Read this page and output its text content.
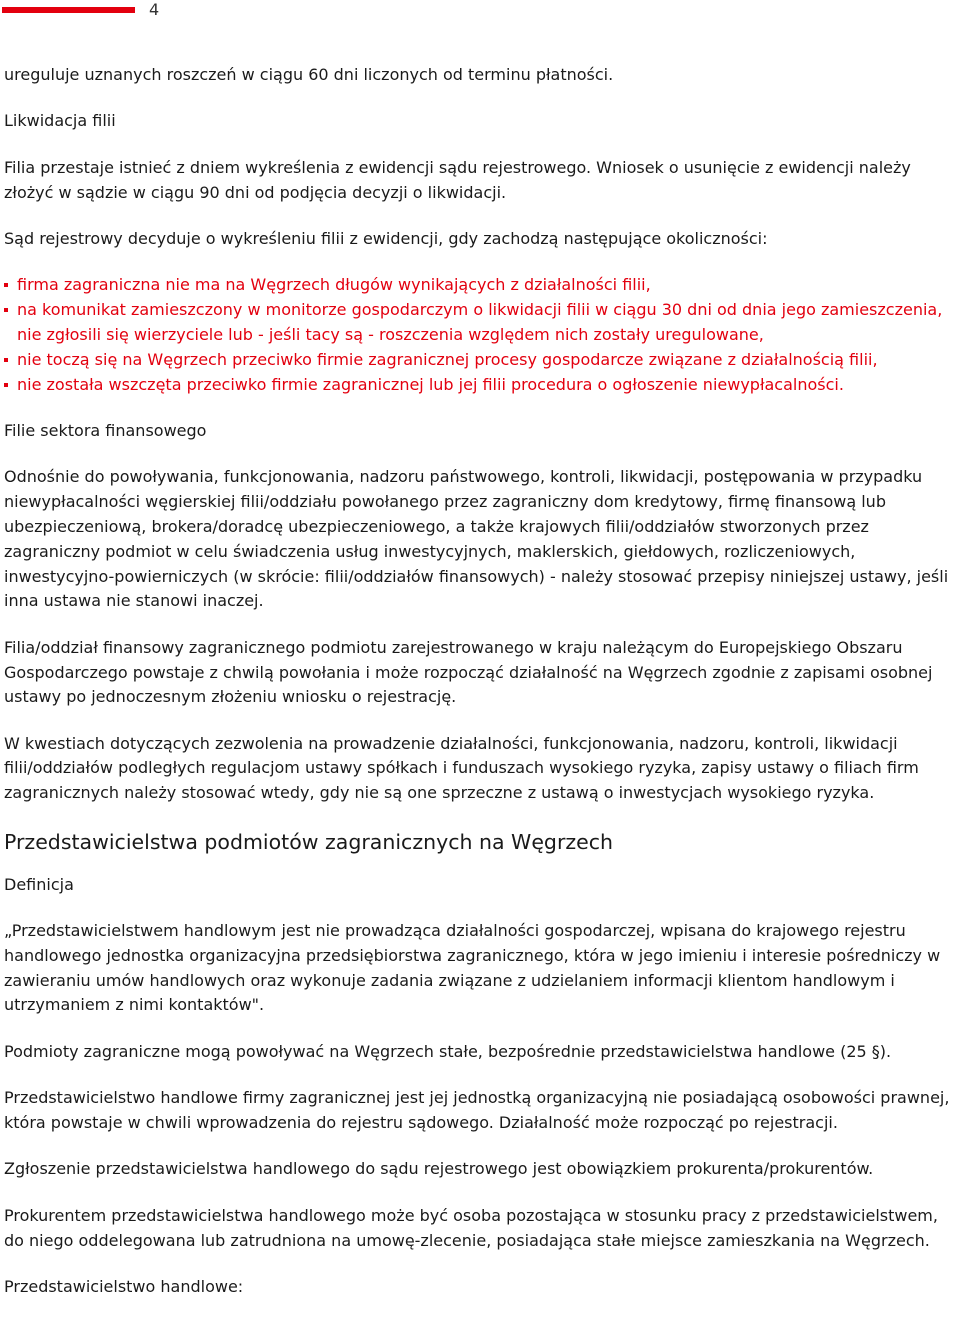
4

ureguluje uznanych roszczeń w ciągu 60 dni liczonych od terminu płatności.

Likwidacja filii

Filia przestaje istnieć z dniem wykreślenia z ewidencji sądu rejestrowego. Wniosek o usunięcie z ewidencji należy złożyć w sądzie w ciągu 90 dni od podjęcia decyzji o likwidacji.

Sąd rejestrowy decyduje o wykreśleniu filii z ewidencji, gdy zachodzą następujące okoliczności:

firma zagraniczna nie ma na Węgrzech długów wynikających z działalności filii,
na komunikat zamieszczony w monitorze gospodarczym o likwidacji filii w ciągu 30 dni od dnia jego zamieszczenia, nie zgłosili się wierzyciele lub - jeśli tacy są - roszczenia względem nich zostały uregulowane,
nie toczą się na Węgrzech przeciwko firmie zagranicznej procesy gospodarcze związane z działalnością filii,
nie została wszczęta przeciwko firmie zagranicznej lub jej filii procedura o ogłoszenie niewypłacalności.

Filie sektora finansowego

Odnośnie do powoływania, funkcjonowania, nadzoru państwowego, kontroli, likwidacji, postępowania w przypadku niewypłacalności węgierskiej filii/oddziału powołanego przez zagraniczny dom kredytowy, firmę finansową lub ubezpieczeniową, brokera/doradcę ubezpieczeniowego, a także krajowych filii/oddziałów stworzonych przez zagraniczny podmiot w celu świadczenia usług inwestycyjnych, maklerskich, giełdowych, rozliczeniowych, inwestycyjno-powierniczych (w skrócie: filii/oddziałów finansowych) - należy stosować przepisy niniejszej ustawy, jeśli inna ustawa nie stanowi inaczej.

Filia/oddział finansowy zagranicznego podmiotu zarejestrowanego w kraju należącym do Europejskiego Obszaru Gospodarczego powstaje z chwilą powołania i może rozpocząć działalność na Węgrzech zgodnie z zapisami osobnej ustawy po jednoczesnym złożeniu wniosku o rejestrację.

W kwestiach dotyczących zezwolenia na prowadzenie działalności, funkcjonowania, nadzoru, kontroli, likwidacji filii/oddziałów podległych regulacjom ustawy spółkach i funduszach wysokiego ryzyka, zapisy ustawy o filiach firm zagranicznych należy stosować wtedy, gdy nie są one sprzeczne z ustawą o inwestycjach wysokiego ryzyka.

Przedstawicielstwa podmiotów zagranicznych na Węgrzech

Definicja

„Przedstawicielstwem handlowym jest nie prowadząca działalności gospodarczej, wpisana do krajowego rejestru handlowego jednostka organizacyjna przedsiębiorstwa zagranicznego, która w jego imieniu i interesie pośredniczy w zawieraniu umów handlowych oraz wykonuje zadania związane z udzielaniem informacji klientom handlowym i utrzymaniem z nimi kontaktów".

Podmioty zagraniczne mogą powoływać na Węgrzech stałe, bezpośrednie przedstawicielstwa handlowe (25 §).

Przedstawicielstwo handlowe firmy zagranicznej jest jej jednostką organizacyjną nie posiadającą osobowości prawnej, która powstaje w chwili wprowadzenia do rejestru sądowego. Działalność może rozpocząć po rejestracji.

Zgłoszenie przedstawicielstwa handlowego do sądu rejestrowego jest obowiązkiem prokurenta/prokurentów.

Prokurentem przedstawicielstwa handlowego może być osoba pozostająca w stosunku pracy z przedstawicielstwem, do niego oddelegowana lub zatrudniona na umowę-zlecenie, posiadająca stałe miejsce zamieszkania na Węgrzech.

Przedstawicielstwo handlowe:
